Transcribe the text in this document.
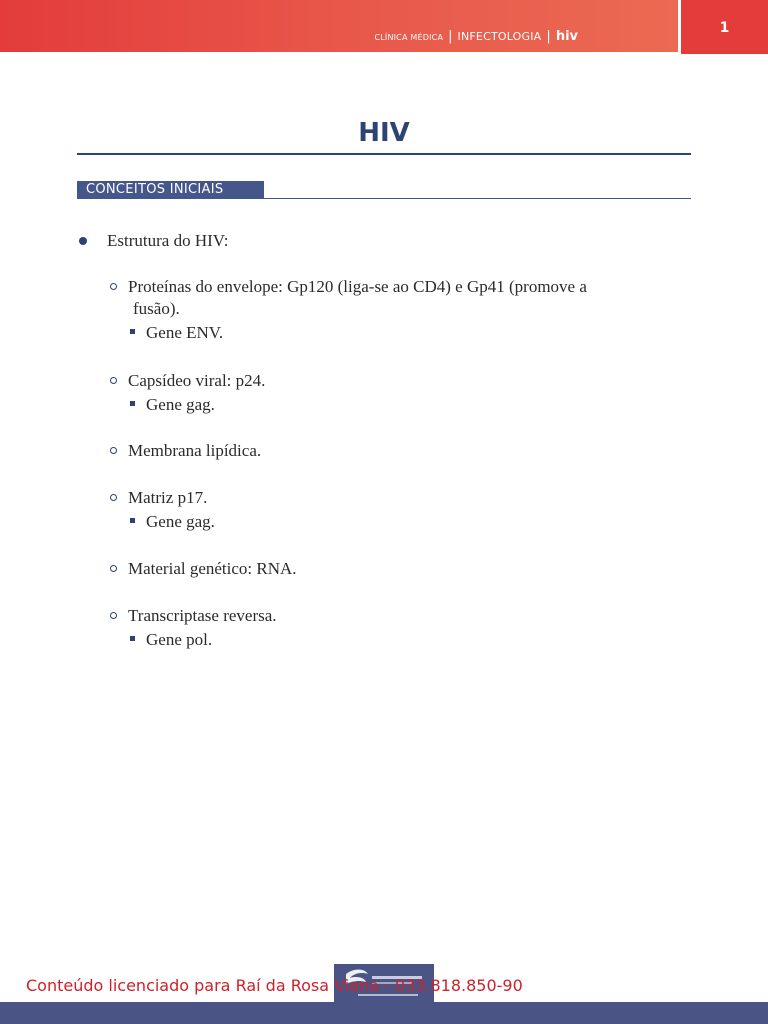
CLÍNICA MÉDICA | INFECTOLOGIA | hiv
1
HIV
CONCEITOS INICIAIS
Estrutura do HIV:
Proteínas do envelope: Gp120 (liga-se ao CD4) e Gp41 (promove a
fusão).
Gene ENV.
Capsídeo viral: p24.
Gene gag.
Membrana lipídica.
Matriz p17.
Gene gag.
Material genético: RNA.
Transcriptase reversa.
Gene pol.
Conteúdo licenciado para Raí da Rosa Viana - 033.818.850-90
